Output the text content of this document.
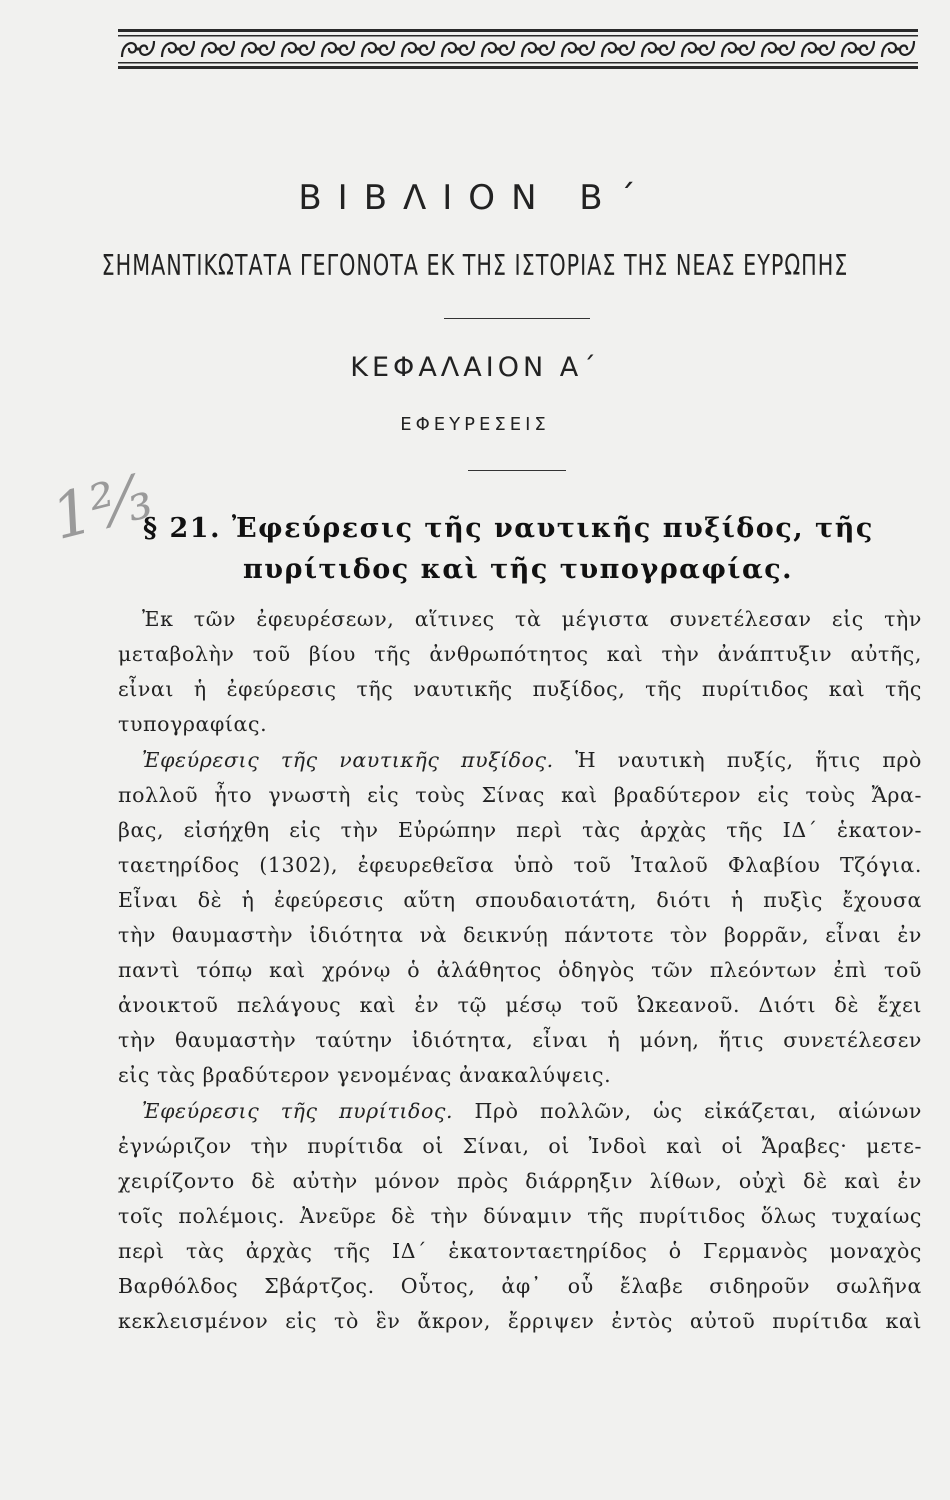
ΒΙΒΛΙΟΝ Β΄
ΣΗΜΑΝΤΙΚΩΤΑΤΑ ΓΕΓΟΝΟΤΑ ΕΚ ΤΗΣ ΙΣΤΟΡΙΑΣ ΤΗΣ ΝΕΑΣ ΕΥΡΩΠΗΣ
ΚΕΦΑΛΑΙΟΝ Α΄
ΕΦΕΥΡΕΣΕΙΣ
1⅔
§ 21. Ἐφεύρεσις τῆς ναυτικῆς πυξίδος, τῆς
πυρίτιδος καὶ τῆς τυπογραφίας.
Ἐκ τῶν ἐφευρέσεων, αἵτινες τὰ μέγιστα συνετέλεσαν εἰς τὴν
μεταβολὴν τοῦ βίου τῆς ἀνθρωπότητος καὶ τὴν ἀνάπτυξιν αὐτῆς,
εἶναι ἡ ἐφεύρεσις τῆς ναυτικῆς πυξίδος, τῆς πυρίτιδος καὶ τῆς
τυπογραφίας.
Ἐφεύρεσις τῆς ναυτικῆς πυξίδος. Ἡ ναυτικὴ πυξίς, ἥτις πρὸ
πολλοῦ ἦτο γνωστὴ εἰς τοὺς Σίνας καὶ βραδύτερον εἰς τοὺς Ἄρα-
βας, εἰσήχθη εἰς τὴν Εὐρώπην περὶ τὰς ἀρχὰς τῆς ΙΔ΄ ἑκατον-
ταετηρίδος (1302), ἐφευρεθεῖσα ὑπὸ τοῦ Ἰταλοῦ Φλαβίου Τζόγια.
Εἶναι δὲ ἡ ἐφεύρεσις αὕτη σπουδαιοτάτη, διότι ἡ πυξὶς ἔχουσα
τὴν θαυμαστὴν ἰδιότητα νὰ δεικνύῃ πάντοτε τὸν βορρᾶν, εἶναι ἐν
παντὶ τόπῳ καὶ χρόνῳ ὁ ἀλάθητος ὁδηγὸς τῶν πλεόντων ἐπὶ τοῦ
ἀνοικτοῦ πελάγους καὶ ἐν τῷ μέσῳ τοῦ Ὠκεανοῦ. Διότι δὲ ἔχει
τὴν θαυμαστὴν ταύτην ἰδιότητα, εἶναι ἡ μόνη, ἥτις συνετέλεσεν
εἰς τὰς βραδύτερον γενομένας ἀνακαλύψεις.
Ἐφεύρεσις τῆς πυρίτιδος. Πρὸ πολλῶν, ὡς εἰκάζεται, αἰώνων
ἐγνώριζον τὴν πυρίτιδα οἱ Σίναι, οἱ Ἰνδοὶ καὶ οἱ Ἄραβες· μετε-
χειρίζοντο δὲ αὐτὴν μόνον πρὸς διάρρηξιν λίθων, οὐχὶ δὲ καὶ ἐν
τοῖς πολέμοις. Ἀνεῦρε δὲ τὴν δύναμιν τῆς πυρίτιδος ὅλως τυχαίως
περὶ τὰς ἀρχὰς τῆς ΙΔ΄ ἑκατονταετηρίδος ὁ Γερμανὸς μοναχὸς
Βαρθόλδος Σβάρτζος. Οὗτος, ἀφ᾽ οὗ ἔλαβε σιδηροῦν σωλῆνα
κεκλεισμένον εἰς τὸ ἓν ἄκρον, ἔρριψεν ἐντὸς αὐτοῦ πυρίτιδα καὶ
